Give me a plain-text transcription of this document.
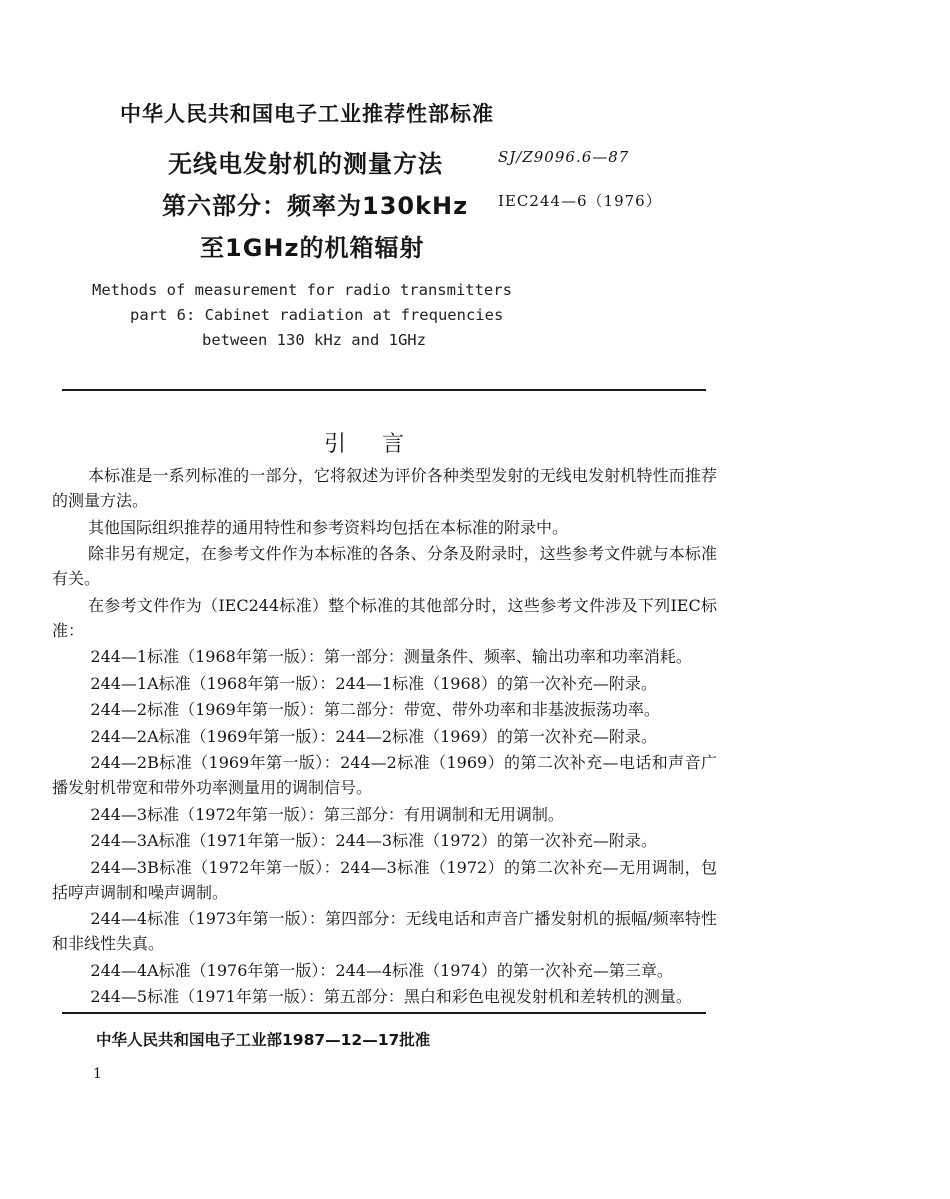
中华人民共和国电子工业推荐性部标准
无线电发射机的测量方法
第六部分：频率为130kHz
至1GHz的机箱辐射
SJ/Z9096.6—87
IEC244—6（1976）
Methods of measurement for radio transmitters
part 6: Cabinet radiation at frequencies
between 130 kHz and 1GHz
引言

本标准是一系列标准的一部分，它将叙述为评价各种类型发射的无线电发射机特性而推荐的测量方法。

其他国际组织推荐的通用特性和参考资料均包括在本标准的附录中。

除非另有规定，在参考文件作为本标准的各条、分条及附录时，这些参考文件就与本标准有关。

在参考文件作为（IEC244标准）整个标准的其他部分时，这些参考文件涉及下列IEC标准：

244—1标准（1968年第一版）：第一部分：测量条件、频率、输出功率和功率消耗。

244—1A标准（1968年第一版）：244—1标准（1968）的第一次补充—附录。

244—2标准（1969年第一版）：第二部分：带宽、带外功率和非基波振荡功率。

244—2A标准（1969年第一版）：244—2标准（1969）的第一次补充—附录。

244—2B标准（1969年第一版）：244—2标准（1969）的第二次补充—电话和声音广播发射机带宽和带外功率测量用的调制信号。

244—3标准（1972年第一版）：第三部分：有用调制和无用调制。

244—3A标准（1971年第一版）：244—3标准（1972）的第一次补充—附录。

244—3B标准（1972年第一版）：244—3标准（1972）的第二次补充—无用调制，包括哼声调制和噪声调制。

244—4标准（1973年第一版）：第四部分：无线电话和声音广播发射机的振幅/频率特性和非线性失真。

244—4A标准（1976年第一版）：244—4标准（1974）的第一次补充—第三章。

244—5标准（1971年第一版）：第五部分：黑白和彩色电视发射机和差转机的测量。

中华人民共和国电子工业部1987—12—17批准
1
